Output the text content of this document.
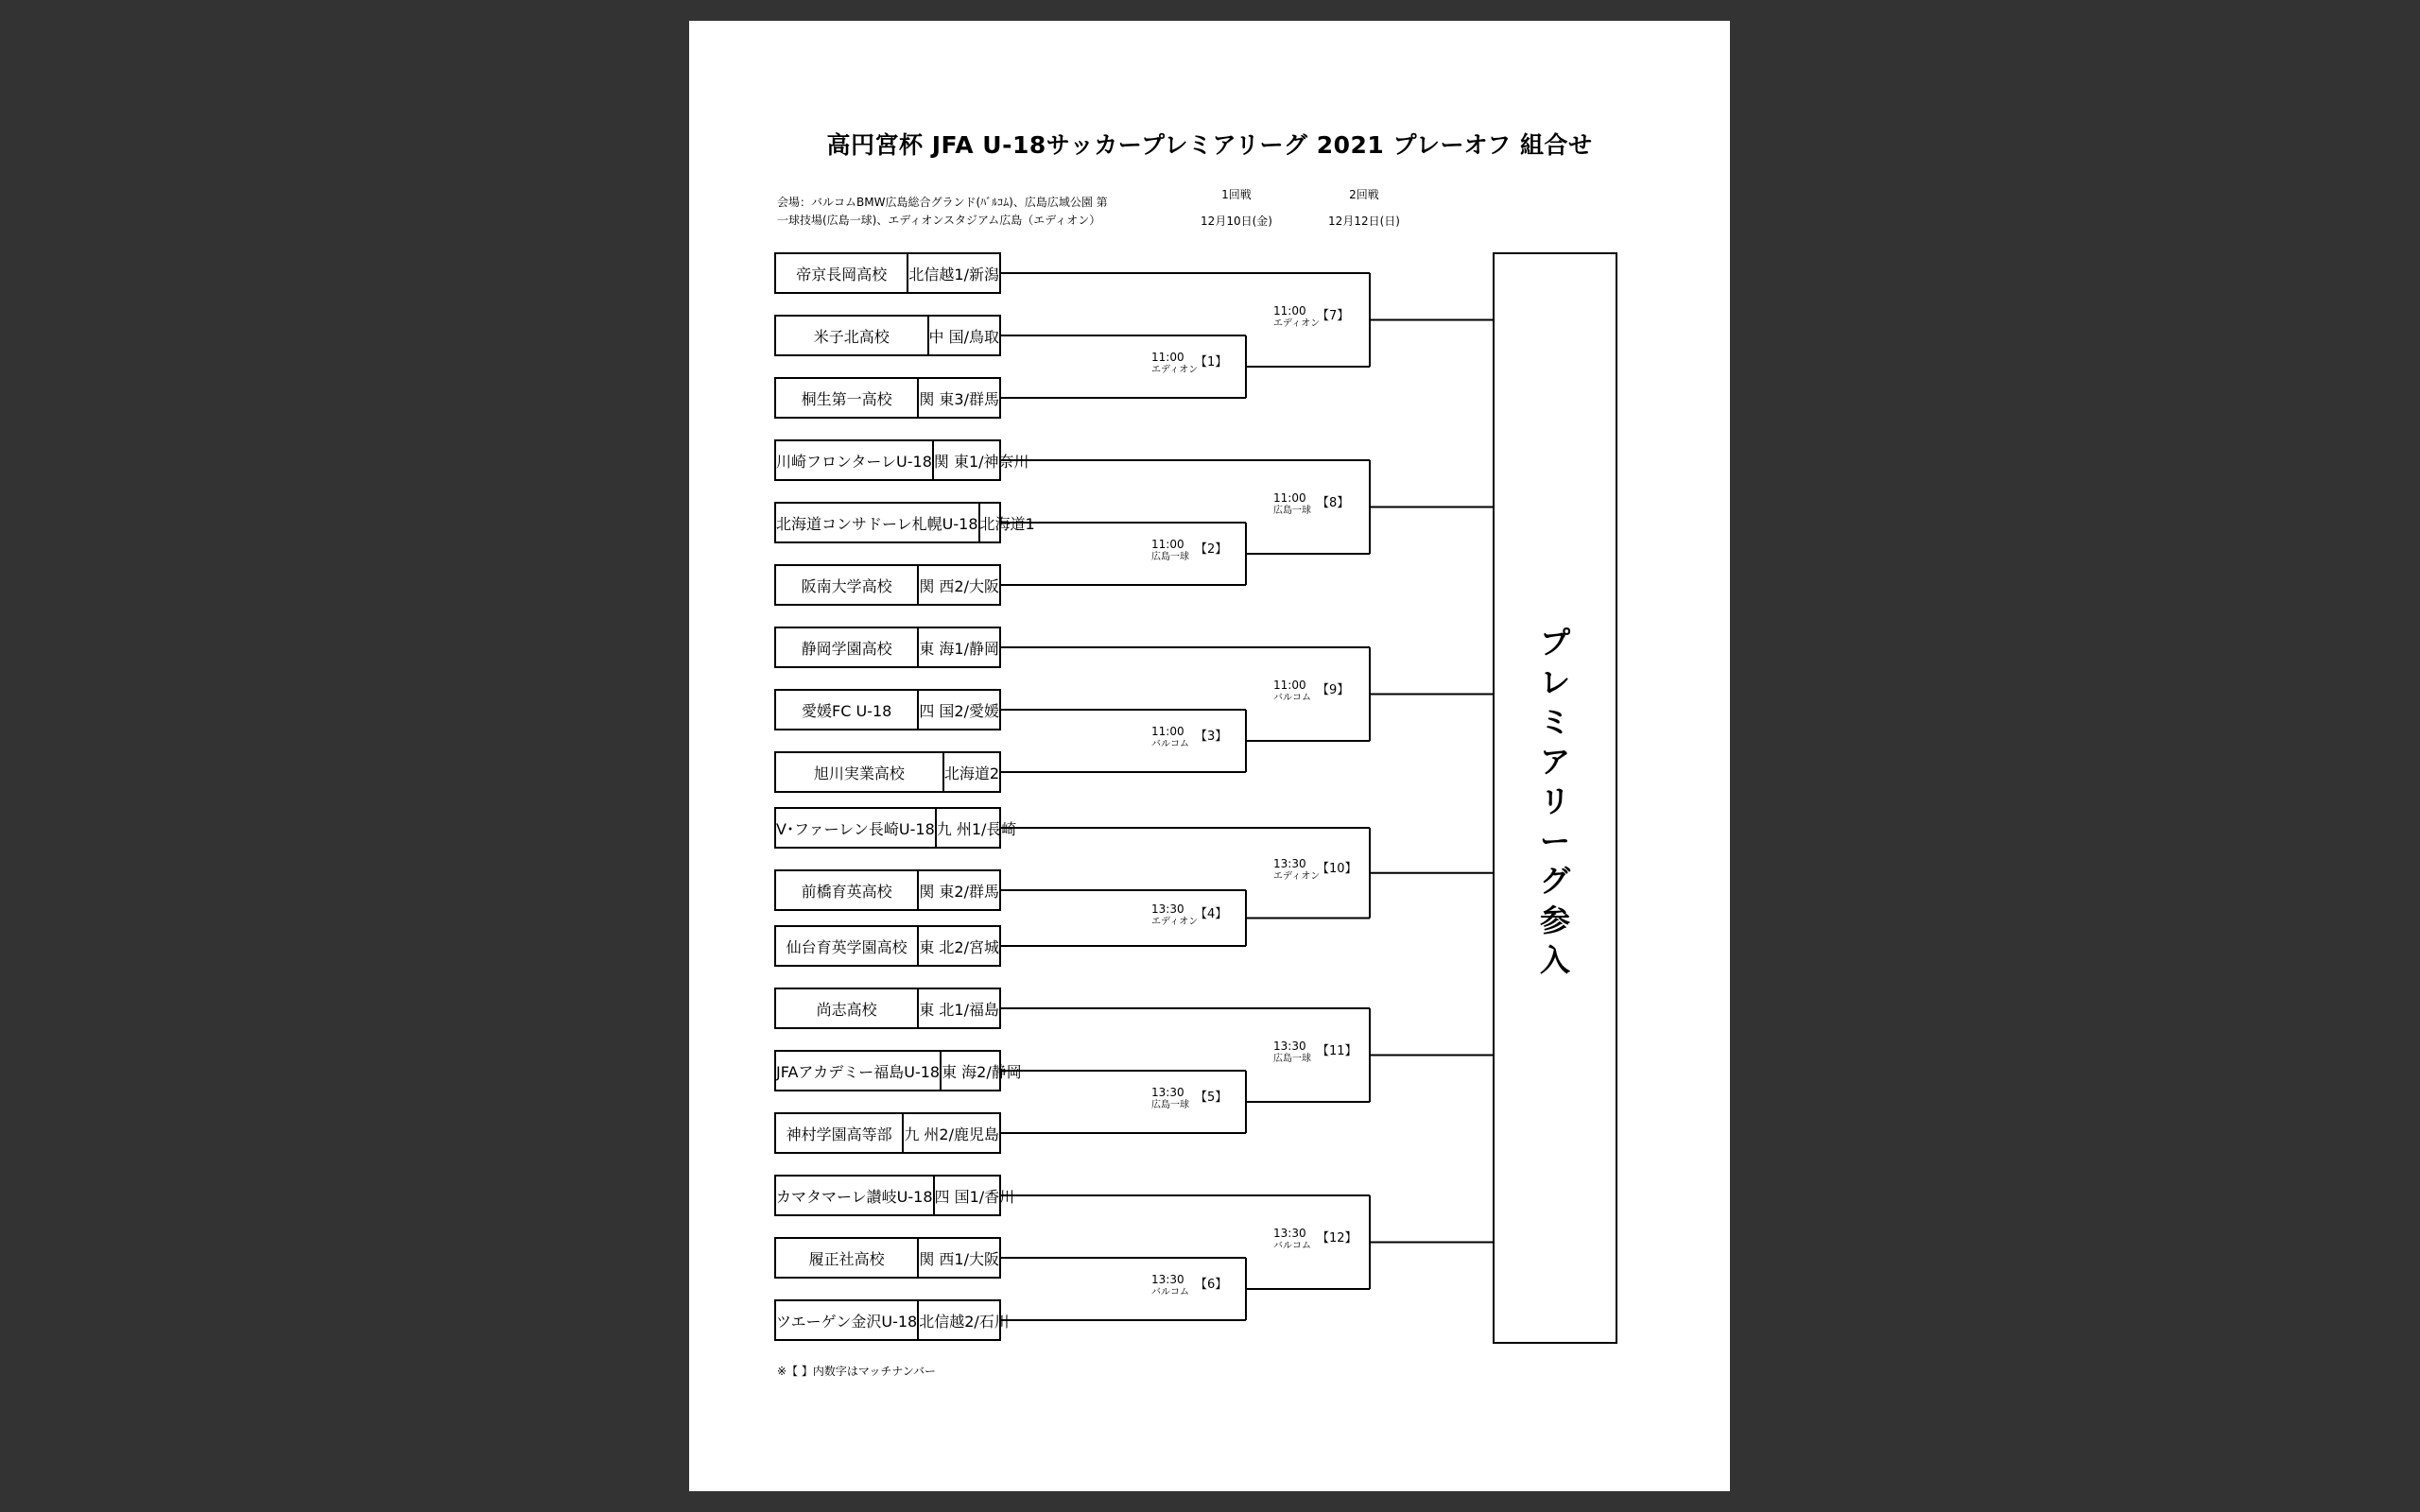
高円宮杯 JFA U-18サッカープレミアリーグ 2021 プレーオフ 組合せ
会場：バルコムBMW広島総合グランド(ﾊﾞﾙｺﾑ)、広島広域公園 第
一球技場(広島一球)、エディオンスタジアム広島（エディオン）
1回戦
12月10日(金)
2回戦
12月12日(日)
帝京長岡高校	北信越1/新潟
米子北高校	中 国/鳥取
桐生第一高校	関 東3/群馬
川崎フロンターレU-18 関 東1/神奈川
北海道コンサドーレ札幌U-18 北海道1
阪南大学高校	関 西2/大阪
静岡学園高校	東 海1/静岡
愛媛FC U-18	四 国2/愛媛
旭川実業高校	北海道2
V･ファーレン長崎U-18 九 州1/長崎
前橋育英高校	関 東2/群馬
仙台育英学園高校 東 北2/宮城
尚志高校	東 北1/福島
JFAアカデミー福島U-18 東 海2/静岡
神村学園高等部 九 州2/鹿児島
カマタマーレ讃岐U-18 四 国1/香川
履正社高校	関 西1/大阪
ツエーゲン金沢U-18 北信越2/石川
11:00
エディオン
【1】
11:00
エディオン
【7】
11:00
広島一球
【2】
11:00
広島一球
【8】
11:00
バルコム
【3】
11:00
バルコム
【9】
13:30
エディオン
【4】
13:30
エディオン
【10】
13:30
広島一球
【5】
13:30
広島一球
【11】
13:30
バルコム
【6】
13:30
バルコム
【12】
プ
レ
ミ
ア
リ
ー
グ
参
入
※【 】内数字はマッチナンバー
